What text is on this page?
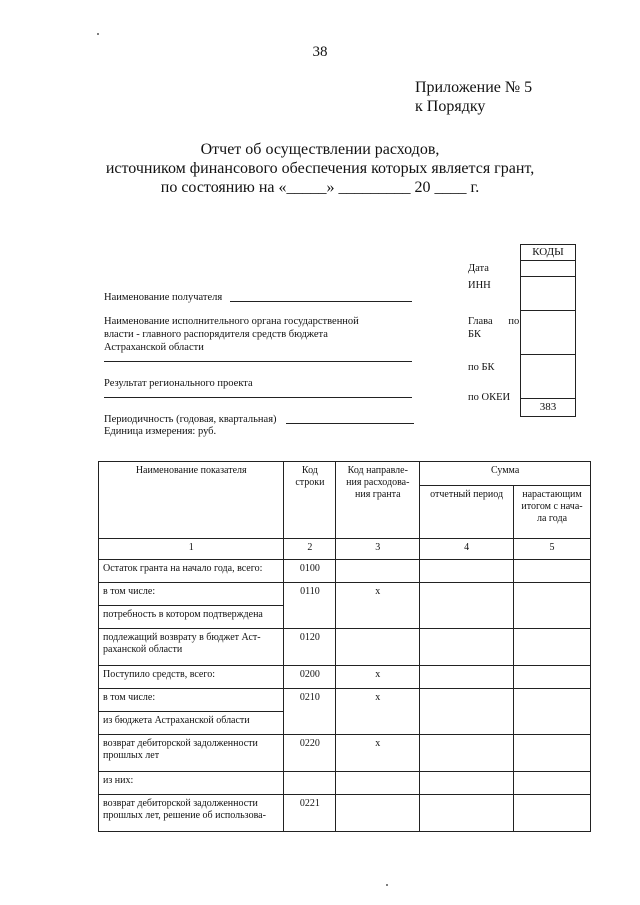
38
Приложение № 5
к Порядку
Отчет об осуществлении расходов,
источником финансового обеспечения которых является грант,
по состоянию на «_____» _________ 20 ____ г.
КОДЫ
383
Дата
ИНН
Глава      по
БК
по БК
по ОКЕИ
Наименование получателя
Наименование исполнительного органа государственной
власти - главного распорядителя средств бюджета
Астраханской области
Результат регионального проекта
Периодичность (годовая, квартальная)
Единица измерения: руб.
Наименование показателя	Код строки	Код направле-ния расходова-ния гранта	Сумма	
			отчетный период	нарастающим итогом с нача-ла года
1	2	3	4	5
Остаток гранта на начало года, всего:	0100			
в том числе:	0110	x		
потребность в котором подтверждена				
подлежащий возврату в бюджет Аст-раханской области	0120			
Поступило средств, всего:	0200	x		
в том числе:	0210	x		
из бюджета Астраханской области				
возврат дебиторской задолженности прошлых лет	0220	x		
из них:				
возврат дебиторской задолженности прошлых лет, решение об использова-	0221			
